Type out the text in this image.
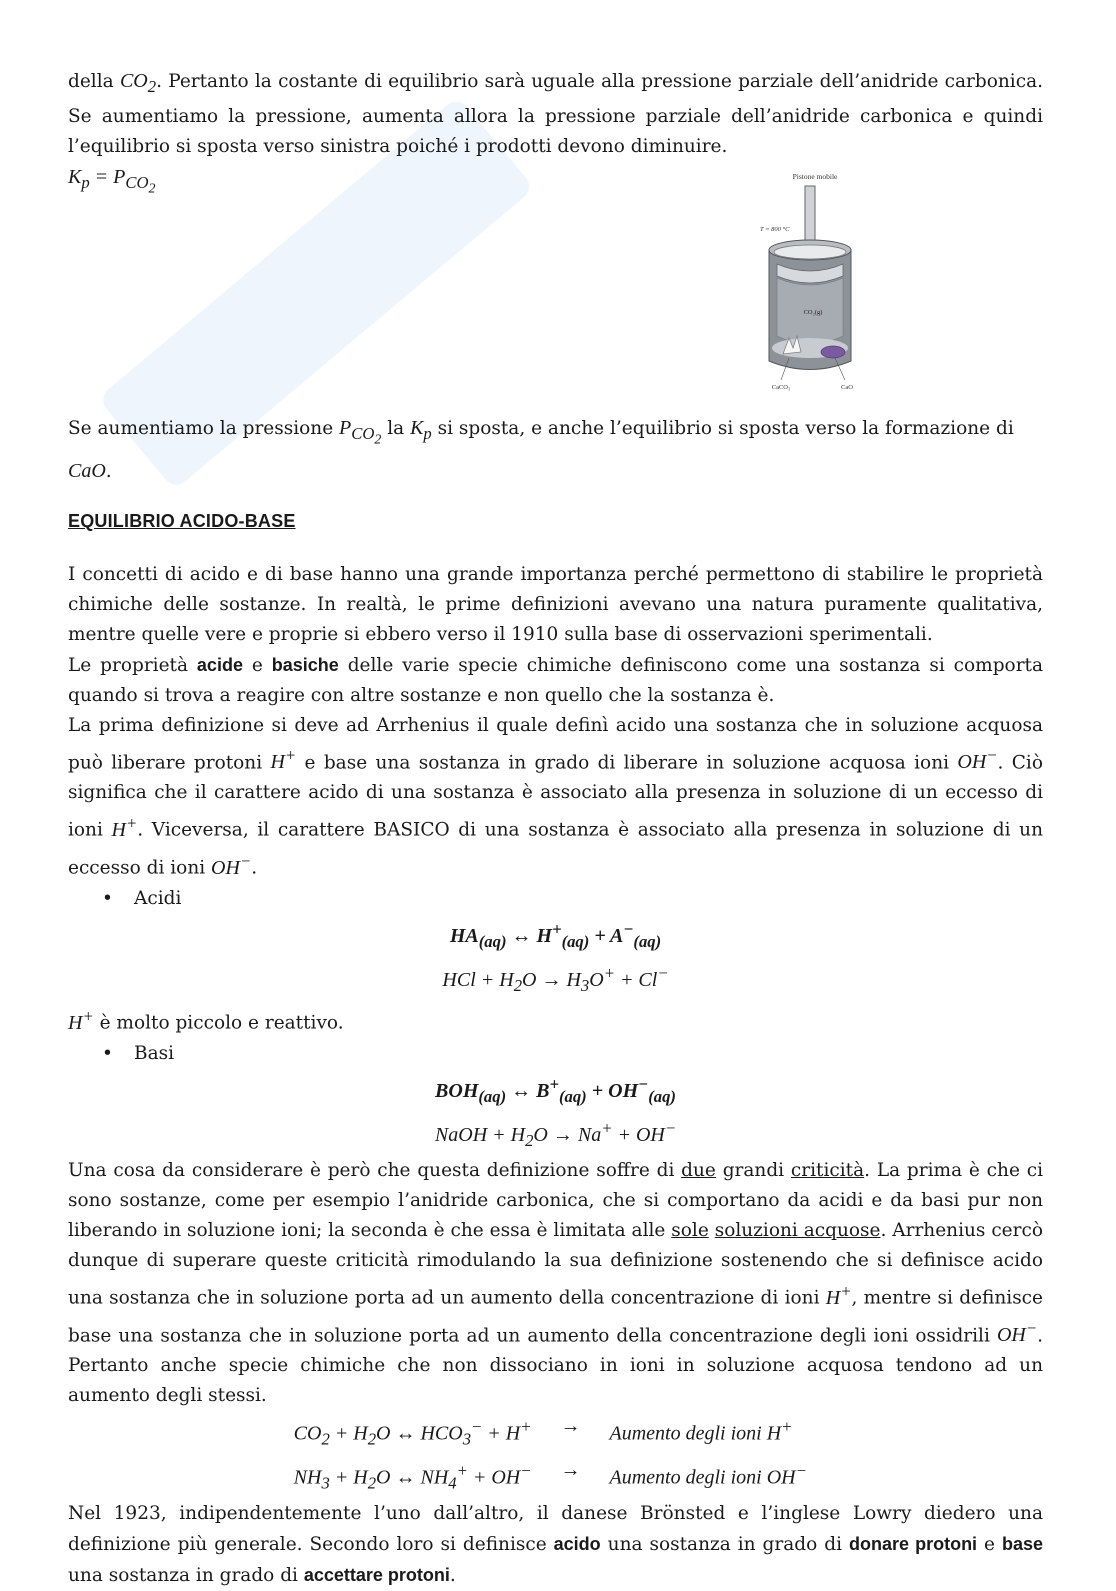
della $CO_2$. Pertanto la costante di equilibrio sarà uguale alla pressione parziale dell’anidride carbonica. Se aumentiamo la pressione, aumenta allora la pressione parziale dell’anidride carbonica e quindi l’equilibrio si sposta verso sinistra poiché i prodotti devono diminuire.

$K_p = P_{CO_2}$

Se aumentiamo la pressione $P_{CO_2}$ la $K_p$ si sposta, e anche l’equilibrio si sposta verso la formazione di
CaO.

EQUILIBRIO ACIDO-BASE

I concetti di acido e di base hanno una grande importanza perché permettono di stabilire le proprietà chimiche delle sostanze. In realtà, le prime definizioni avevano una natura puramente qualitativa, mentre quelle vere e proprie si ebbero verso il 1910 sulla base di osservazioni sperimentali.

Le proprietà acide e basiche delle varie specie chimiche definiscono come una sostanza si comporta quando si trova a reagire con altre sostanze e non quello che la sostanza è.

La prima definizione si deve ad Arrhenius il quale definì acido una sostanza che in soluzione acquosa può liberare protoni H+ e base una sostanza in grado di liberare in soluzione acquosa ioni OH−. Ciò significa che il carattere acido di una sostanza è associato alla presenza in soluzione di un eccesso di ioni H+. Viceversa, il carattere BASICO di una sostanza è associato alla presenza in soluzione di un eccesso di ioni OH−.

• Acidi

$HA_{(aq)}$ ↔ $H^+_{(aq)} + A^-_{(aq)}$
HCl + $H_2O \to H_3O^+ + Cl^-$

H+ è molto piccolo e reattivo.

• Basi

$BOH_{(aq)}$ ↔ $B^+_{(aq)} + OH^-_{(aq)}$
NaOH + $H_2O \to Na^+ + OH^-$

Una cosa da considerare è però che questa definizione soffre di due grandi criticità. La prima è che ci sono sostanze, come per esempio l’anidride carbonica, che si comportano da acidi e da basi pur non liberando in soluzione ioni; la seconda è che essa è limitata alle sole soluzioni acquose. Arrhenius cercò dunque di superare queste criticità rimodulando la sua definizione sostenendo che si definisce acido una sostanza che in soluzione porta ad un aumento della concentrazione di ioni H+, mentre si definisce base una sostanza che in soluzione porta ad un aumento della concentrazione degli ioni ossidrili OH−. Pertanto anche specie chimiche che non dissociano in ioni in soluzione acquosa tendono ad un aumento degli stessi.

$CO_2 + H_2O$ ↔ $HCO_3^- + H^+$	→	Aumento degli ioni H+
$NH_3 + H_2O$ ↔ $NH_4^+ + OH^-$	→	Aumento degli ioni OH−

Nel 1923, indipendentemente l’uno dall’altro, il danese Brönsted e l’inglese Lowry diedero una definizione più generale. Secondo loro si definisce acido una sostanza in grado di donare protoni e base una sostanza in grado di accettare protoni.

Pistone mobile
T = 800 °C
CO₂(g)
CaCO₃	CaO
